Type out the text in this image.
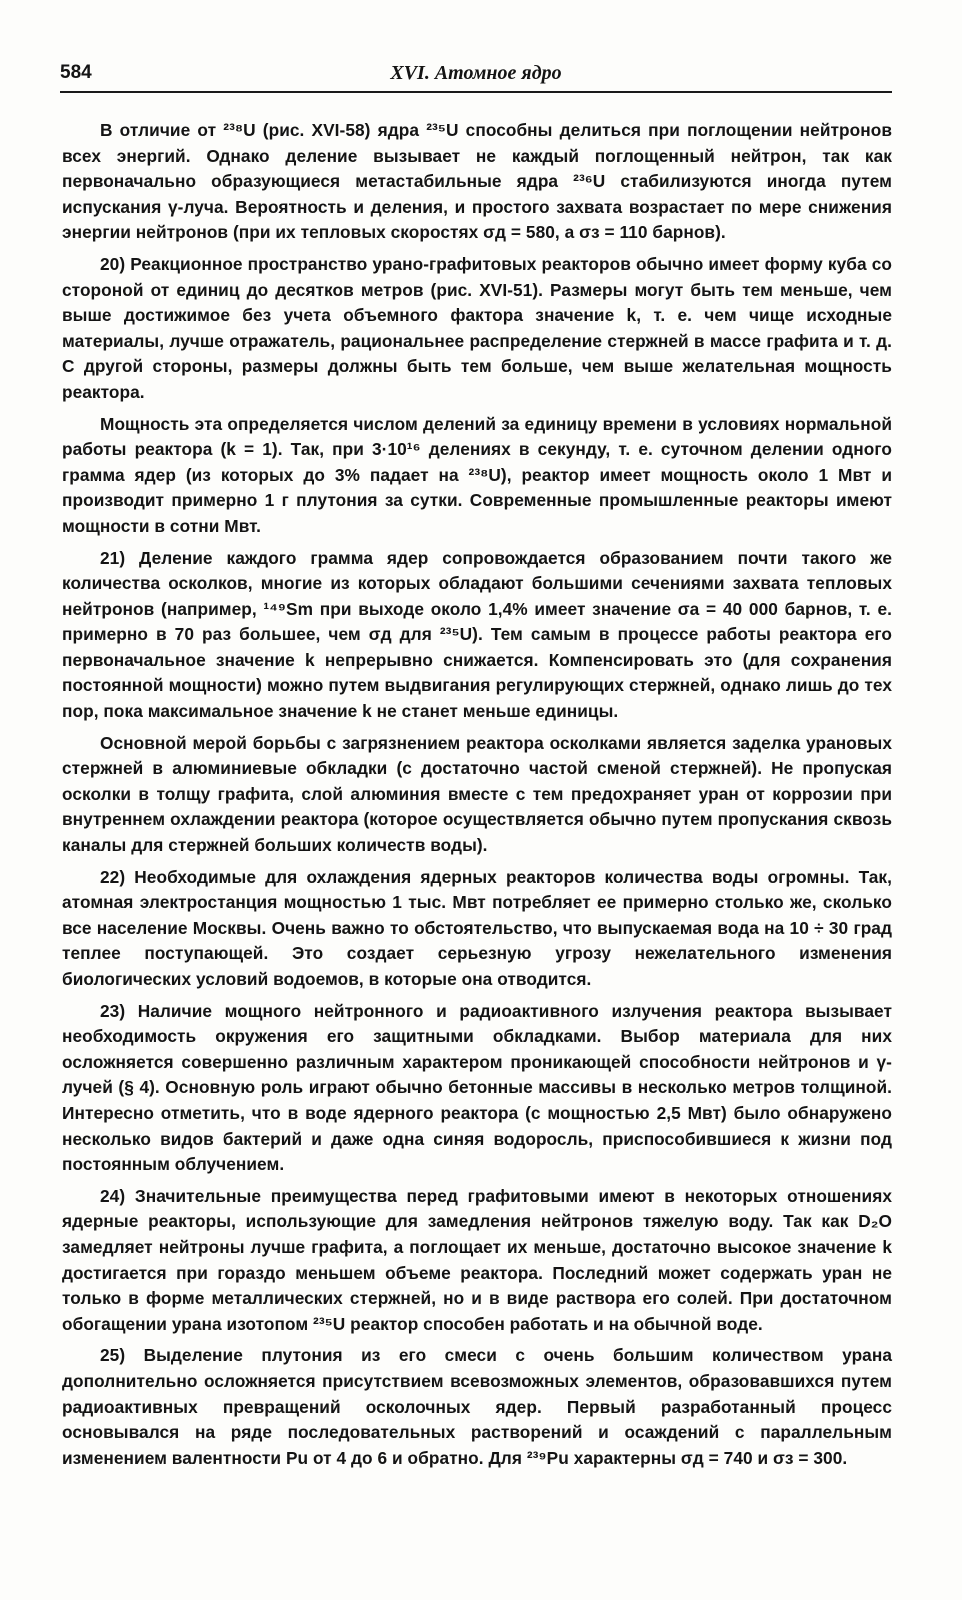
584	XVI. Атомное ядро

В отличие от ²³⁸U (рис. XVI-58) ядра ²³⁵U способны делиться при поглощении нейтронов всех энергий. Однако деление вызывает не каждый поглощенный нейтрон, так как первоначально образующиеся метастабильные ядра ²³⁶U стабилизуются иногда путем испускания γ-луча. Вероятность и деления, и простого захвата возрастает по мере снижения энергии нейтронов (при их тепловых скоростях σд = 580, а σз = 110 барнов).

20) Реакционное пространство урано-графитовых реакторов обычно имеет форму куба со стороной от единиц до десятков метров (рис. XVI-51). Размеры могут быть тем меньше, чем выше достижимое без учета объемного фактора значение k, т. е. чем чище исходные материалы, лучше отражатель, рациональнее распределение стержней в массе графита и т. д. С другой стороны, размеры должны быть тем больше, чем выше желательная мощность реактора.

Мощность эта определяется числом делений за единицу времени в условиях нормальной работы реактора (k = 1). Так, при 3·10¹⁶ делениях в секунду, т. е. суточном делении одного грамма ядер (из которых до 3% падает на ²³⁸U), реактор имеет мощность около 1 Мвт и производит примерно 1 г плутония за сутки. Современные промышленные реакторы имеют мощности в сотни Мвт.

21) Деление каждого грамма ядер сопровождается образованием почти такого же количества осколков, многие из которых обладают большими сечениями захвата тепловых нейтронов (например, ¹⁴⁹Sm при выходе около 1,4% имеет значение σа = 40 000 барнов, т. е. примерно в 70 раз большее, чем σд для ²³⁵U). Тем самым в процессе работы реактора его первоначальное значение k непрерывно снижается. Компенсировать это (для сохранения постоянной мощности) можно путем выдвигания регулирующих стержней, однако лишь до тех пор, пока максимальное значение k не станет меньше единицы.

Основной мерой борьбы с загрязнением реактора осколками является заделка урановых стержней в алюминиевые обкладки (с достаточно частой сменой стержней). Не пропуская осколки в толщу графита, слой алюминия вместе с тем предохраняет уран от коррозии при внутреннем охлаждении реактора (которое осуществляется обычно путем пропускания сквозь каналы для стержней больших количеств воды).

22) Необходимые для охлаждения ядерных реакторов количества воды огромны. Так, атомная электростанция мощностью 1 тыс. Мвт потребляет ее примерно столько же, сколько все население Москвы. Очень важно то обстоятельство, что выпускаемая вода на 10 ÷ 30 град теплее поступающей. Это создает серьезную угрозу нежелательного изменения биологических условий водоемов, в которые она отводится.

23) Наличие мощного нейтронного и радиоактивного излучения реактора вызывает необходимость окружения его защитными обкладками. Выбор материала для них осложняется совершенно различным характером проникающей способности нейтронов и γ-лучей (§ 4). Основную роль играют обычно бетонные массивы в несколько метров толщиной. Интересно отметить, что в воде ядерного реактора (с мощностью 2,5 Мвт) было обнаружено несколько видов бактерий и даже одна синяя водоросль, приспособившиеся к жизни под постоянным облучением.

24) Значительные преимущества перед графитовыми имеют в некоторых отношениях ядерные реакторы, использующие для замедления нейтронов тяжелую воду. Так как D₂O замедляет нейтроны лучше графита, а поглощает их меньше, достаточно высокое значение k достигается при гораздо меньшем объеме реактора. Последний может содержать уран не только в форме металлических стержней, но и в виде раствора его солей. При достаточном обогащении урана изотопом ²³⁵U реактор способен работать и на обычной воде.

25) Выделение плутония из его смеси с очень большим количеством урана дополнительно осложняется присутствием всевозможных элементов, образовавшихся путем радиоактивных превращений осколочных ядер. Первый разработанный процесс основывался на ряде последовательных растворений и осаждений с параллельным изменением валентности Pu от 4 до 6 и обратно. Для ²³⁹Pu характерны σд = 740 и σз = 300.
